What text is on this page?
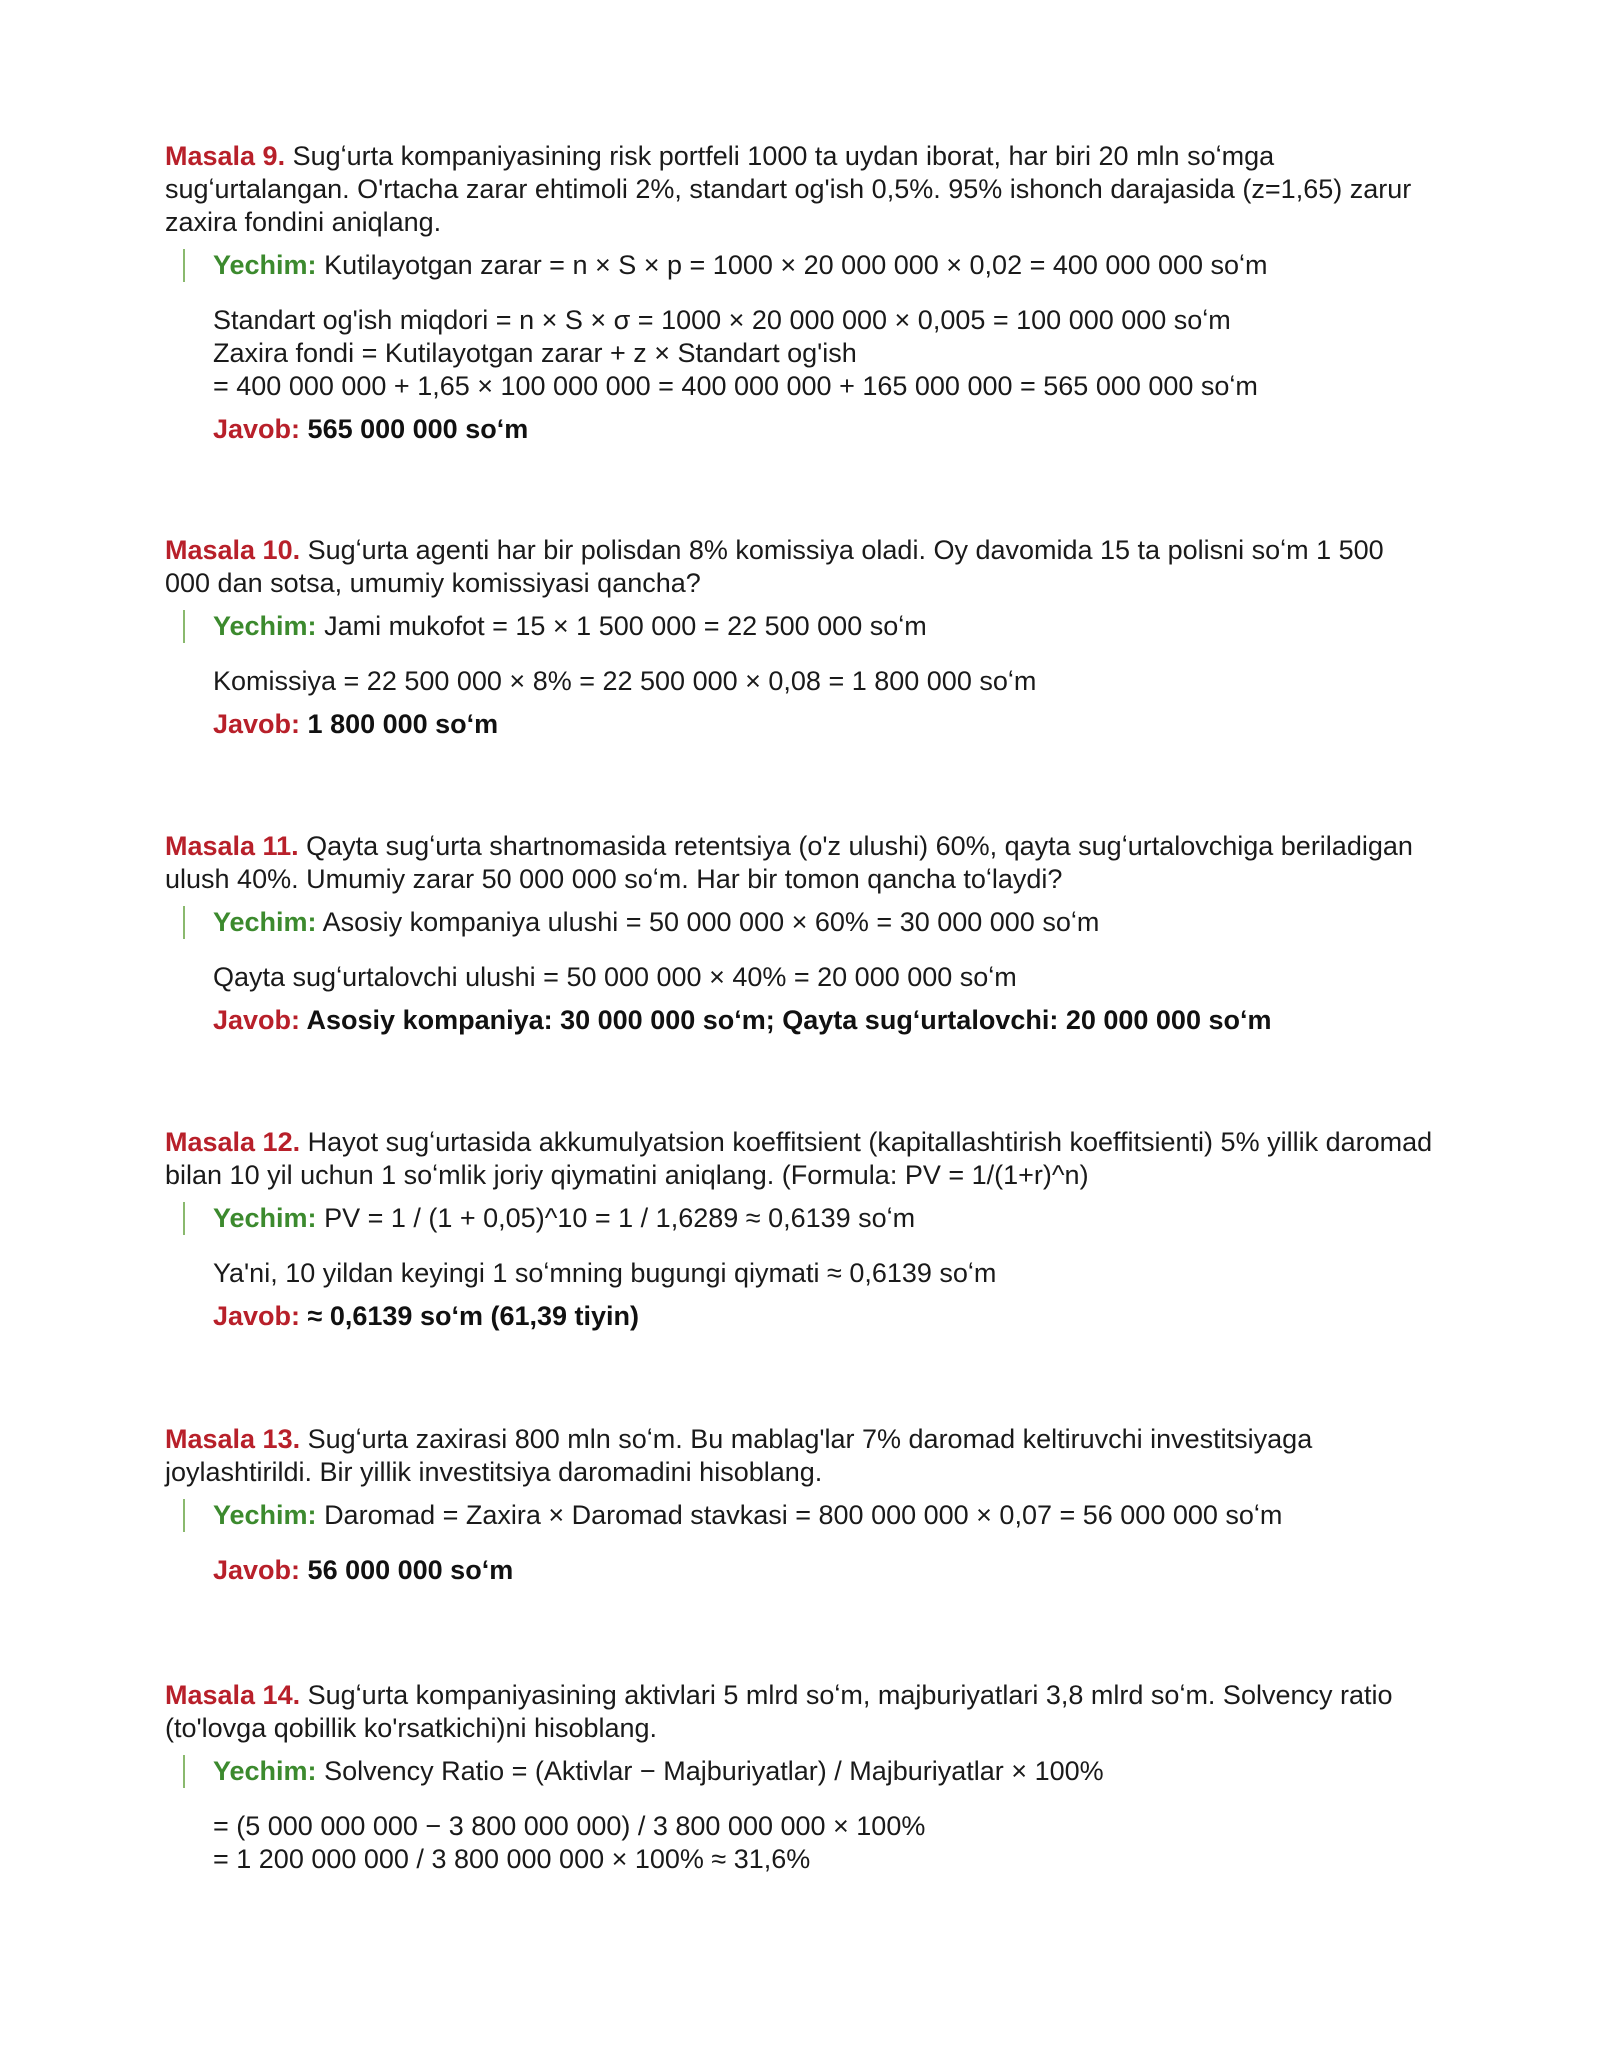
Masala 9. Sugʻurta kompaniyasining risk portfeli 1000 ta uydan iborat, har biri 20 mln soʻmga sugʻurtalangan. O'rtacha zarar ehtimoli 2%, standart og'ish 0,5%. 95% ishonch darajasida (z=1,65) zarur zaxira fondini aniqlang.
Yechim: Kutilayotgan zarar = n × S × p = 1000 × 20 000 000 × 0,02 = 400 000 000 soʻm
Standart og'ish miqdori = n × S × σ = 1000 × 20 000 000 × 0,005 = 100 000 000 soʻm
Zaxira fondi = Kutilayotgan zarar + z × Standart og'ish
= 400 000 000 + 1,65 × 100 000 000 = 400 000 000 + 165 000 000 = 565 000 000 soʻm
Javob: 565 000 000 soʻm
Masala 10. Sugʻurta agenti har bir polisdan 8% komissiya oladi. Oy davomida 15 ta polisni soʻm 1 500 000 dan sotsa, umumiy komissiyasi qancha?
Yechim: Jami mukofot = 15 × 1 500 000 = 22 500 000 soʻm
Komissiya = 22 500 000 × 8% = 22 500 000 × 0,08 = 1 800 000 soʻm
Javob: 1 800 000 soʻm
Masala 11. Qayta sugʻurta shartnomasida retentsiya (o'z ulushi) 60%, qayta sugʻurtalovchiga beriladigan ulush 40%. Umumiy zarar 50 000 000 soʻm. Har bir tomon qancha toʻlaydi?
Yechim: Asosiy kompaniya ulushi = 50 000 000 × 60% = 30 000 000 soʻm
Qayta sugʻurtalovchi ulushi = 50 000 000 × 40% = 20 000 000 soʻm
Javob: Asosiy kompaniya: 30 000 000 soʻm; Qayta sugʻurtalovchi: 20 000 000 soʻm
Masala 12. Hayot sugʻurtasida akkumulyatsion koeffitsient (kapitallashtirish koeffitsienti) 5% yillik daromad bilan 10 yil uchun 1 soʻmlik joriy qiymatini aniqlang. (Formula: PV = 1/(1+r)^n)
Yechim: PV = 1 / (1 + 0,05)^10 = 1 / 1,6289 ≈ 0,6139 soʻm
Ya'ni, 10 yildan keyingi 1 soʻmning bugungi qiymati ≈ 0,6139 soʻm
Javob: ≈ 0,6139 soʻm (61,39 tiyin)
Masala 13. Sugʻurta zaxirasi 800 mln soʻm. Bu mablag'lar 7% daromad keltiruvchi investitsiyaga joylashtirildi. Bir yillik investitsiya daromadini hisoblang.
Yechim: Daromad = Zaxira × Daromad stavkasi = 800 000 000 × 0,07 = 56 000 000 soʻm
Javob: 56 000 000 soʻm
Masala 14. Sugʻurta kompaniyasining aktivlari 5 mlrd soʻm, majburiyatlari 3,8 mlrd soʻm. Solvency ratio (to'lovga qobillik ko'rsatkichi)ni hisoblang.
Yechim: Solvency Ratio = (Aktivlar − Majburiyatlar) / Majburiyatlar × 100%
= (5 000 000 000 − 3 800 000 000) / 3 800 000 000 × 100%
= 1 200 000 000 / 3 800 000 000 × 100% ≈ 31,6%
